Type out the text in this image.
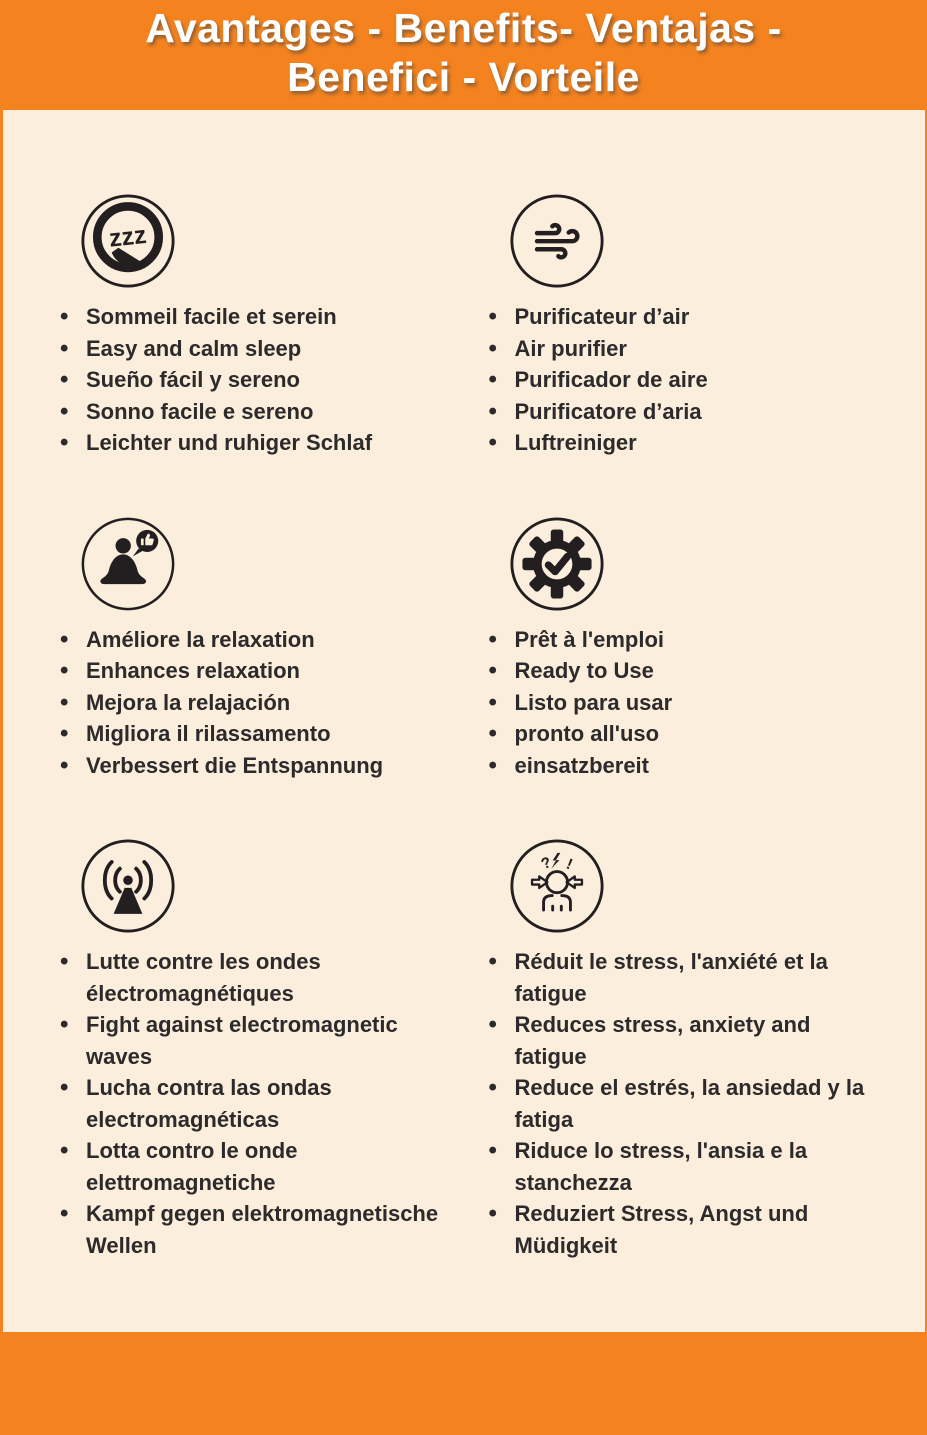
Avantages - Benefits- Ventajas -
Benefici - Vorteile
zzz
• Sommeil facile et serein
• Easy and calm sleep
• Sueño fácil y sereno
• Sonno facile e sereno
• Leichter und ruhiger Schlaf
• Purificateur d’air
• Air purifier
• Purificador de aire
• Purificatore d’aria
• Luftreiniger
• Améliore la relaxation
• Enhances relaxation
• Mejora la relajación
• Migliora il rilassamento
• Verbessert die Entspannung
• Prêt à l'emploi
• Ready to Use
• Listo para usar
• pronto all'uso
• einsatzbereit
• Lutte contre les ondes électromagnétiques
• Fight against electromagnetic waves
• Lucha contra las ondas electromagnéticas
• Lotta contro le onde elettromagnetiche
• Kampf gegen elektromagnetische Wellen
? !
• Réduit le stress, l'anxiété et la fatigue
• Reduces stress, anxiety and fatigue
• Reduce el estrés, la ansiedad y la fatiga
• Riduce lo stress, l'ansia e la stanchezza
• Reduziert Stress, Angst und Müdigkeit
